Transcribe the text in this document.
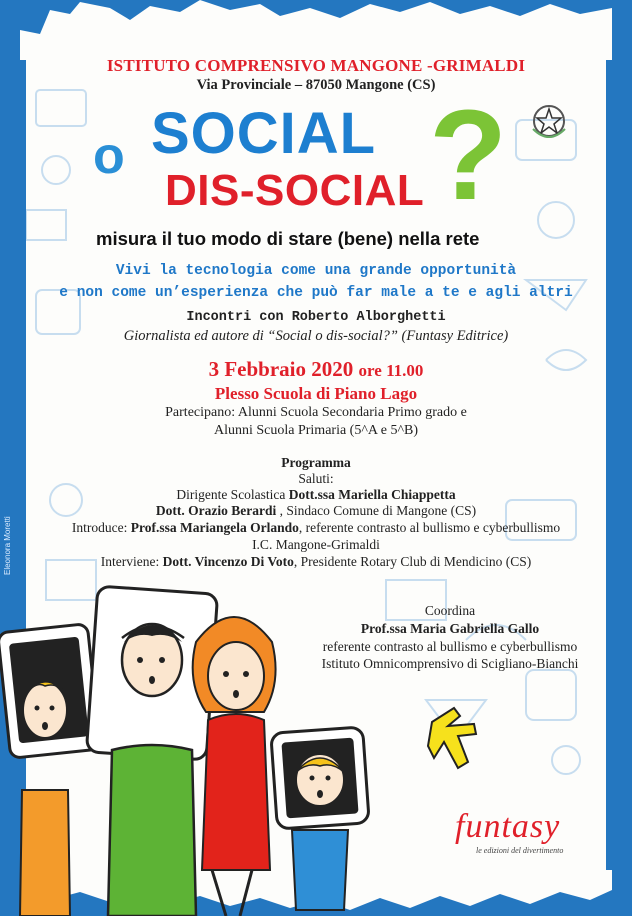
ISTITUTO COMPRENSIVO MANGONE -GRIMALDI
Via Provinciale – 87050 Mangone (CS)
o SOCIAL
DIS-SOCIAL ?
misura il tuo modo di stare (bene) nella rete
Vivi la tecnologia come una grande opportunità
e non come un’esperienza che può far male a te e agli altri
Incontri con Roberto Alborghetti
Giornalista ed autore di “Social o dis-social?” (Funtasy Editrice)
3 Febbraio 2020 ore 11.00
Plesso Scuola di Piano Lago
Partecipano: Alunni Scuola Secondaria Primo grado e
Alunni Scuola Primaria (5^A e 5^B)
Programma
Saluti:
Dirigente Scolastica Dott.ssa Mariella Chiappetta
Dott. Orazio Berardi , Sindaco Comune di Mangone (CS)
Introduce: Prof.ssa Mariangela Orlando, referente contrasto al bullismo e cyberbullismo
I.C. Mangone-Grimaldi
Interviene: Dott. Vincenzo Di Voto, Presidente Rotary Club di Mendicino (CS)
Eleonora Moretti
Coordina
Prof.ssa Maria Gabriella Gallo
referente contrasto al bullismo e cyberbullismo
Istituto Omnicomprensivo di Scigliano-Bianchi
funtasy
le edizioni del divertimento
